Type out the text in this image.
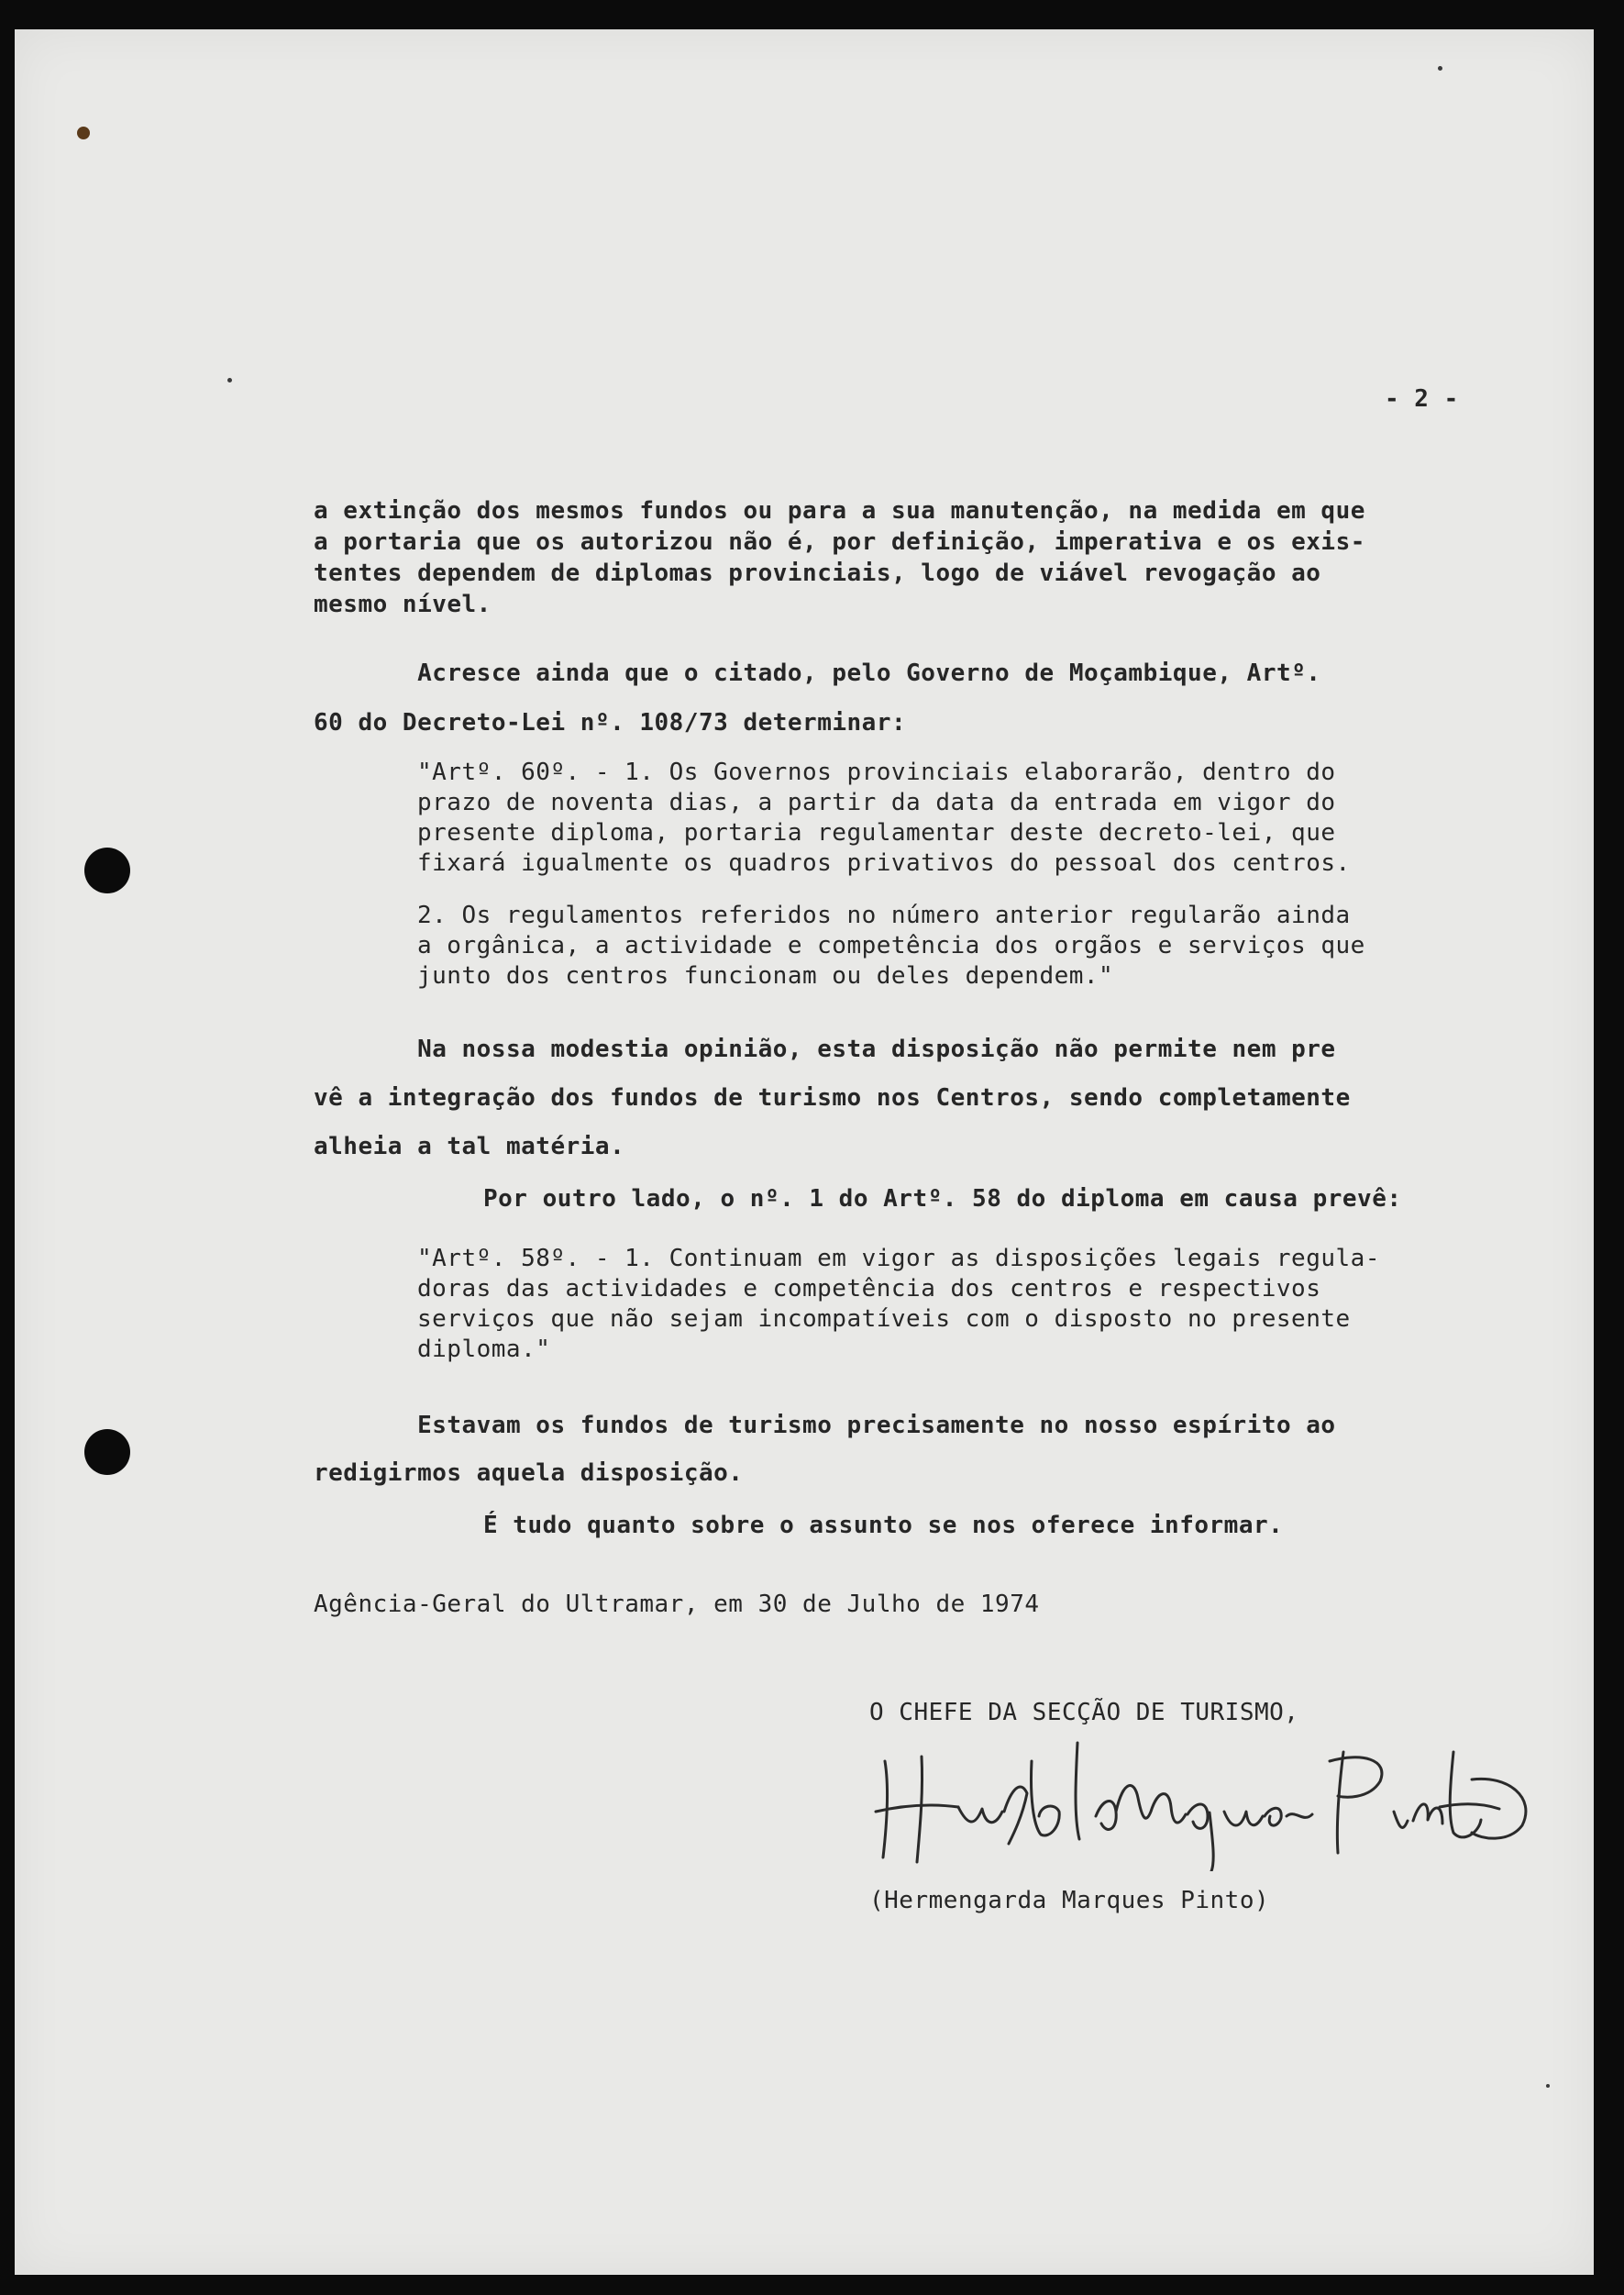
- 2 -
a extinção dos mesmos fundos ou para a sua manutenção, na medida em que
a portaria que os autorizou não é, por definição, imperativa e os exis-
tentes dependem de diplomas provinciais, logo de viável revogação ao
mesmo nível.
Acresce ainda que o citado, pelo Governo de Moçambique, Artº.
60 do Decreto-Lei nº. 108/73 determinar:
"Artº. 60º. - 1. Os Governos provinciais elaborarão, dentro do
prazo de noventa dias, a partir da data da entrada em vigor do
presente diploma, portaria regulamentar deste decreto-lei, que
fixará igualmente os quadros privativos do pessoal dos centros.
2. Os regulamentos referidos no número anterior regularão ainda
a orgânica, a actividade e competência dos orgãos e serviços que
junto dos centros funcionam ou deles dependem."
Na nossa modestia opinião, esta disposição não permite nem pre
vê a integração dos fundos de turismo nos Centros, sendo completamente
alheia a tal matéria.
Por outro lado, o nº. 1 do Artº. 58 do diploma em causa prevê:
"Artº. 58º. - 1. Continuam em vigor as disposições legais regula-
doras das actividades e competência dos centros e respectivos
serviços que não sejam incompatíveis com o disposto no presente
diploma."
Estavam os fundos de turismo precisamente no nosso espírito ao
redigirmos aquela disposição.
É tudo quanto sobre o assunto se nos oferece informar.
Agência-Geral do Ultramar, em 30 de Julho de 1974
O CHEFE DA SECÇÃO DE TURISMO,
(Hermengarda Marques Pinto)
